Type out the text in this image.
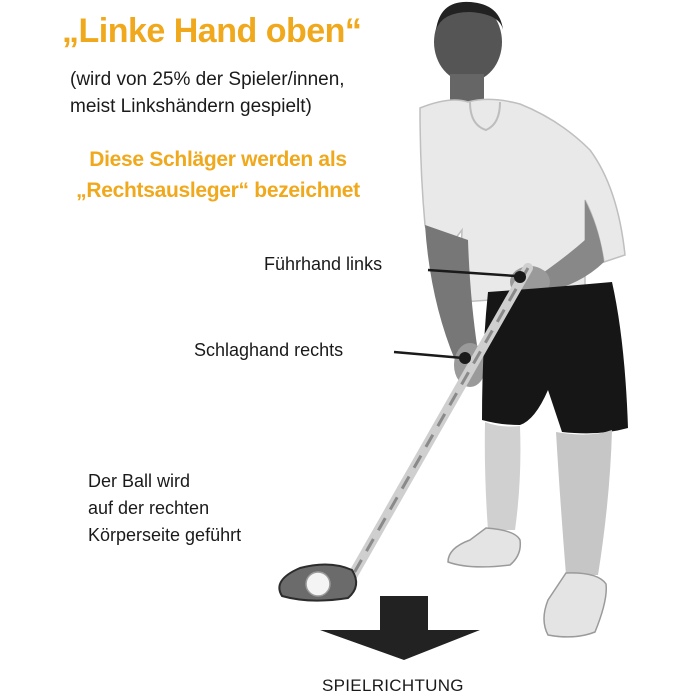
„Linke Hand oben“
(wird von 25% der Spieler/innen,
meist Linkshändern gespielt)
Diese Schläger werden als
„Rechtsausleger“ bezeichnet
Führhand links
Schlaghand rechts
Der Ball wird
auf der rechten
Körperseite geführt
SPIELRICHTUNG
